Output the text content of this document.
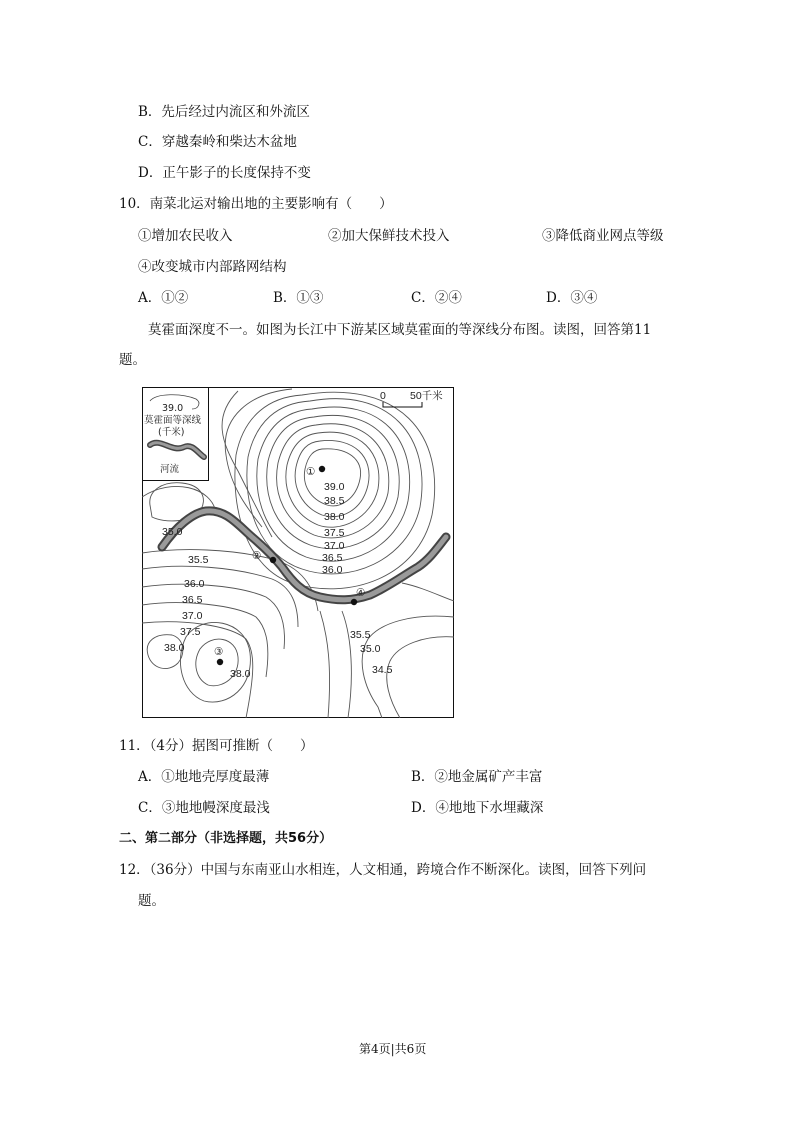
B．先后经过内流区和外流区
C．穿越秦岭和柴达木盆地
D．正午影子的长度保持不变
10．南菜北运对输出地的主要影响有（　　）
①增加农民收入	②加大保鲜技术投入	③降低商业网点等级
④改变城市内部路网结构
A．①②	B．①③	C．②④	D．③④
莫霍面深度不一。如图为长江中下游某区域莫霍面的等深线分布图。读图，回答第11
题。
39.0
莫霍面等深线
(千米)
河流
0 50千米
①
②
③
④
39.0
38.5
38.0
37.5
37.0
36.5
36.0
35.0
35.5
36.0
36.5
37.0
37.5
38.0
38.0
35.5
35.0
34.5
11．（4分）据图可推断（　　）
A．①地地壳厚度最薄	B．②地金属矿产丰富
C．③地地幔深度最浅	D．④地地下水埋藏深
二、第二部分（非选择题，共56分）
12．（36分）中国与东南亚山水相连，人文相通，跨境合作不断深化。读图，回答下列问
题。
第4页|共6页
